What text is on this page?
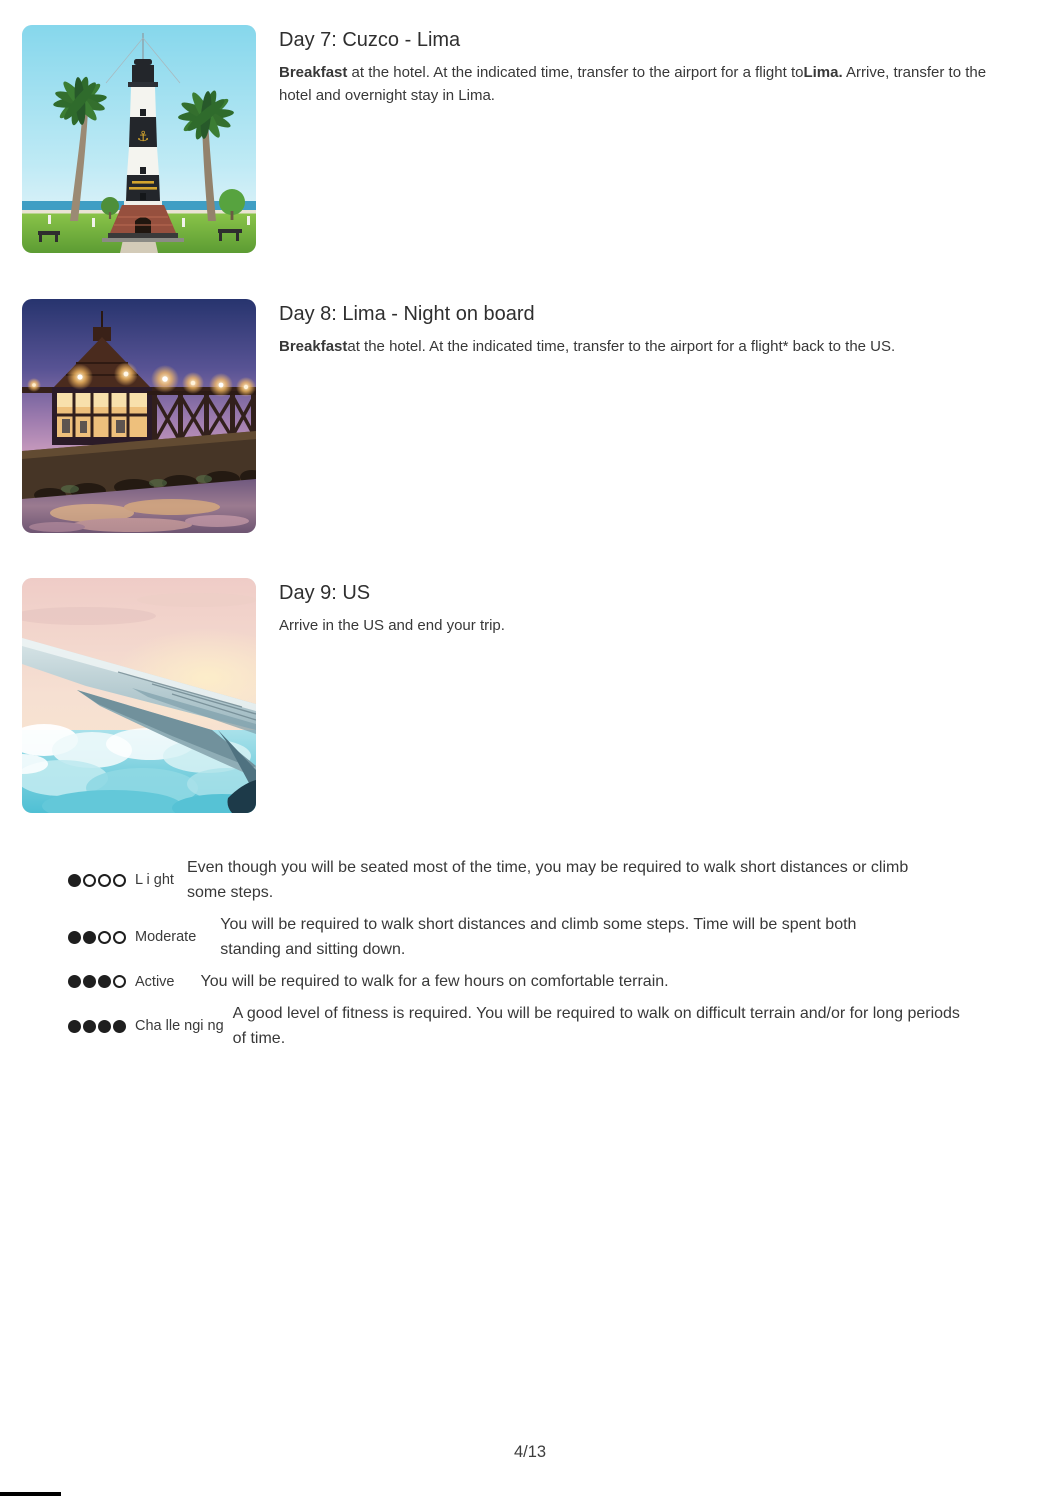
⚓
Day 7: Cuzco - Lima

Breakfast at the hotel. At the indicated time, transfer to the airport for a flight toLima. Arrive, transfer to the hotel and overnight stay in Lima.

Day 8: Lima - Night on board

Breakfastat the hotel. At the indicated time, transfer to the airport for a flight* back to the US.

Day 9: US

Arrive in the US and end your trip.

L i ght
Even though you will be seated most of the time, you may be required to walk short distances or climb some steps.
Moderate
You will be required to walk short distances and climb some steps. Time will be spent both standing and sitting down.
Active You will be required to walk for a few hours on comfortable terrain.
Cha lle ngi ng
A good level of fitness is required. You will be required to walk on difficult terrain and/or for long periods of time.
4/13
